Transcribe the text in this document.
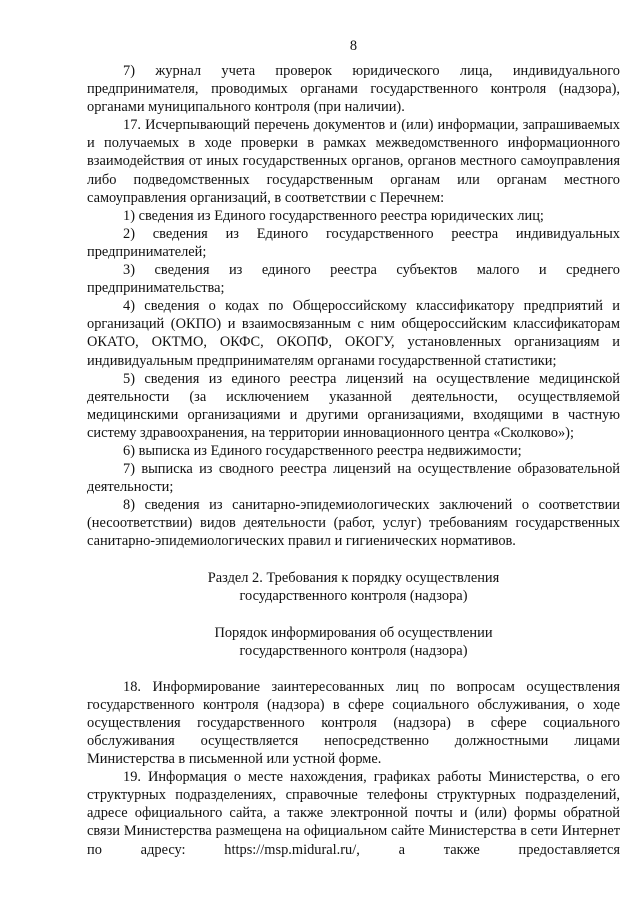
8

7) журнал учета проверок юридического лица, индивидуального предпринимателя, проводимых органами государственного контроля (надзора), органами муниципального контроля (при наличии).

17. Исчерпывающий перечень документов и (или) информации, запрашиваемых и получаемых в ходе проверки в рамках межведомственного информационного взаимодействия от иных государственных органов, органов местного самоуправления либо подведомственных государственным органам или органам местного самоуправления организаций, в соответствии с Перечнем:

1) сведения из Единого государственного реестра юридических лиц;

2) сведения из Единого государственного реестра индивидуальных предпринимателей;

3) сведения из единого реестра субъектов малого и среднего предпринимательства;

4) сведения о кодах по Общероссийскому классификатору предприятий и организаций (ОКПО) и взаимосвязанным с ним общероссийским классификаторам ОКАТО, ОКТМО, ОКФС, ОКОПФ, ОКОГУ, установленных организациям и индивидуальным предпринимателям органами государственной статистики;

5) сведения из единого реестра лицензий на осуществление медицинской деятельности (за исключением указанной деятельности, осуществляемой медицинскими организациями и другими организациями, входящими в частную систему здравоохранения, на территории инновационного центра «Сколково»);

6) выписка из Единого государственного реестра недвижимости;

7) выписка из сводного реестра лицензий на осуществление образовательной деятельности;

8) сведения из санитарно-эпидемиологических заключений о соответствии (несоответствии) видов деятельности (работ, услуг) требованиям государственных санитарно-эпидемиологических правил и гигиенических нормативов.

Раздел 2. Требования к порядку осуществления

государственного контроля (надзора)

Порядок информирования об осуществлении

государственного контроля (надзора)

18. Информирование заинтересованных лиц по вопросам осуществления государственного контроля (надзора) в сфере социального обслуживания, о ходе осуществления государственного контроля (надзора) в сфере социального обслуживания осуществляется непосредственно должностными лицами Министерства в письменной или устной форме.

19. Информация о месте нахождения, графиках работы Министерства, о его структурных подразделениях, справочные телефоны структурных подразделений, адресе официального сайта, а также электронной почты и (или) формы обратной связи Министерства размещена на официальном сайте Министерства в сети Интернет по адресу: https://msp.midural.ru/, а также предоставляется
